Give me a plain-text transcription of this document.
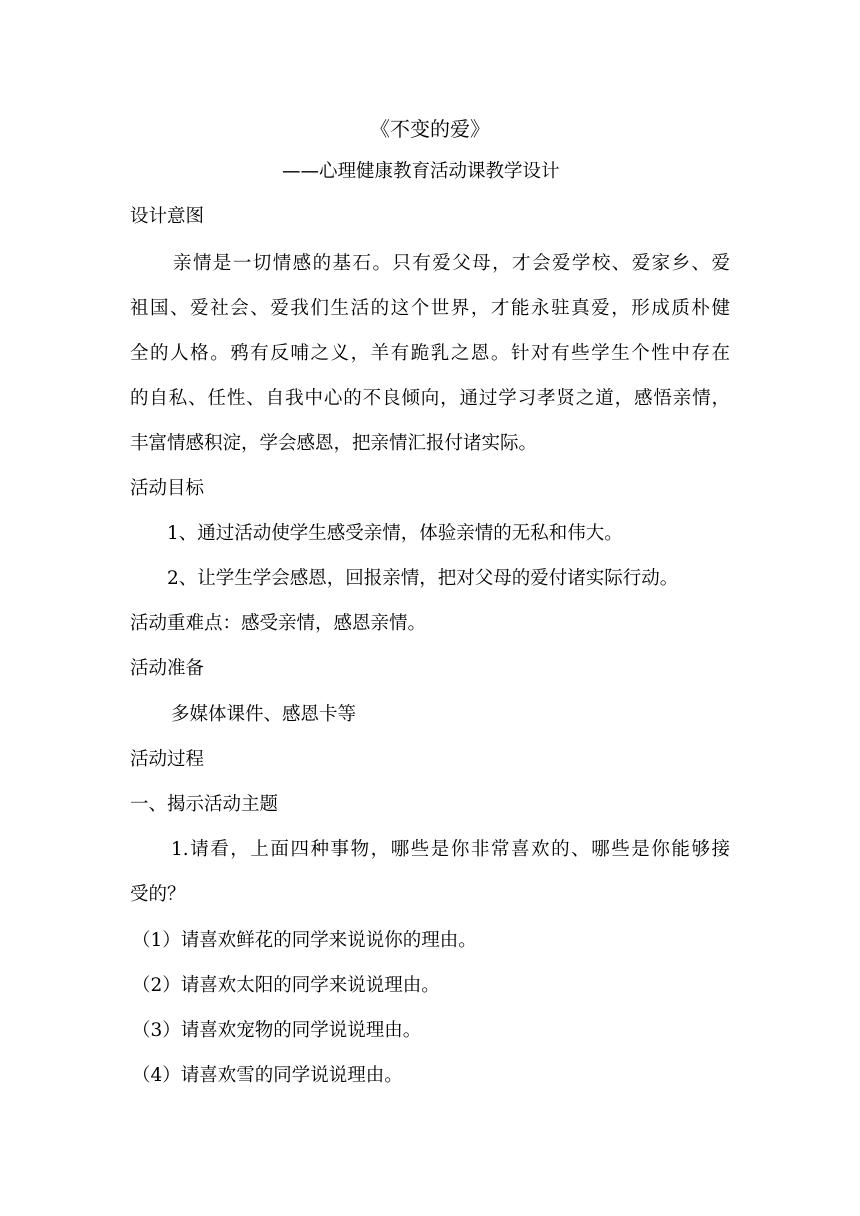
《不变的爱》
——心理健康教育活动课教学设计
设计意图
亲情是一切情感的基石。只有爱父母，才会爱学校、爱家乡、爱
祖国、爱社会、爱我们生活的这个世界，才能永驻真爱，形成质朴健
全的人格。鸦有反哺之义，羊有跪乳之恩。针对有些学生个性中存在
的自私、任性、自我中心的不良倾向，通过学习孝贤之道，感悟亲情，
丰富情感积淀，学会感恩，把亲情汇报付诸实际。
活动目标
1、通过活动使学生感受亲情，体验亲情的无私和伟大。
2、让学生学会感恩，回报亲情，把对父母的爱付诸实际行动。
活动重难点：感受亲情，感恩亲情。
活动准备
多媒体课件、感恩卡等
活动过程
一、揭示活动主题
1.请看，上面四种事物，哪些是你非常喜欢的、哪些是你能够接
受的？
（1）请喜欢鲜花的同学来说说你的理由。
（2）请喜欢太阳的同学来说说理由。
（3）请喜欢宠物的同学说说理由。
（4）请喜欢雪的同学说说理由。
